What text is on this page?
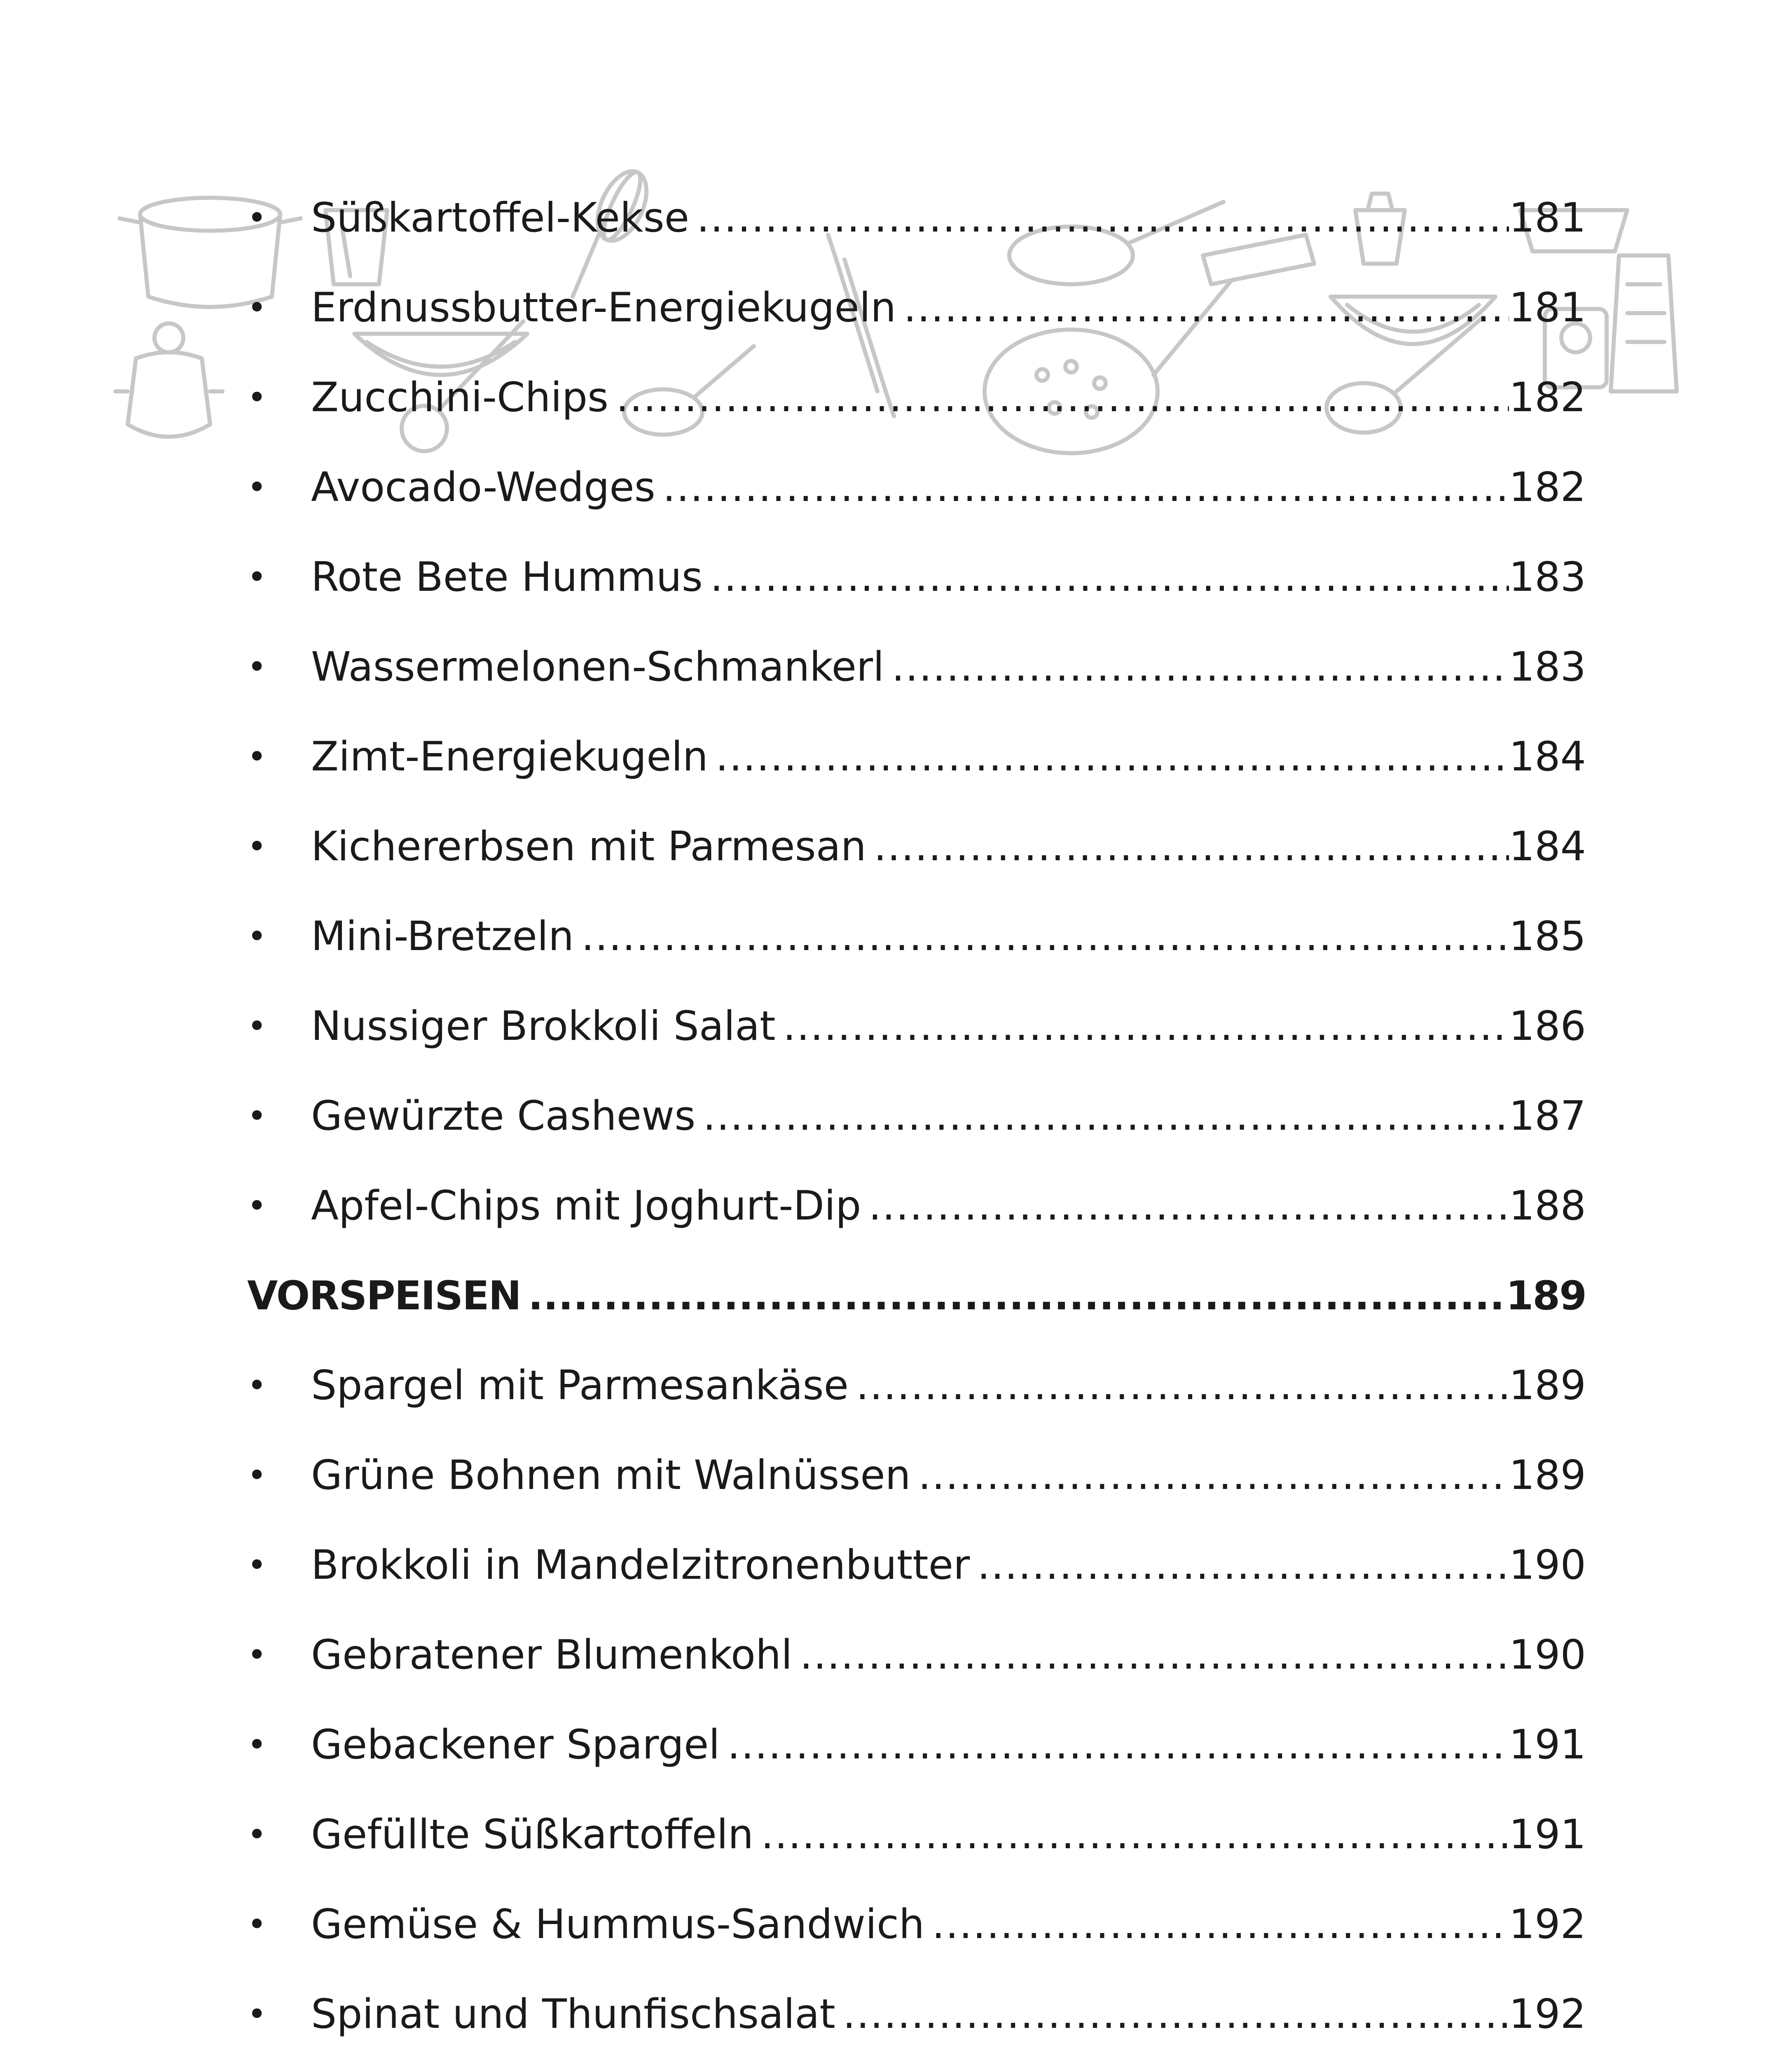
•	Süßkartoffel-Kekse .....	181
•	Erdnussbutter-Energiekugeln .....	181
•	Zucchini-Chips .....	182
•	Avocado-Wedges .....	182
•	Rote Bete Hummus .....	183
•	Wassermelonen-Schmankerl .....	183
•	Zimt-Energiekugeln .....	184
•	Kichererbsen mit Parmesan .....	184
•	Mini-Bretzeln .....	185
•	Nussiger Brokkoli Salat .....	186
•	Gewürzte Cashews .....	187
•	Apfel-Chips mit Joghurt-Dip .....	188
VORSPEISEN .....	189
•	Spargel mit Parmesankäse .....	189
•	Grüne Bohnen mit Walnüssen .....	189
•	Brokkoli in Mandelzitronenbutter .....	190
•	Gebratener Blumenkohl .....	190
•	Gebackener Spargel .....	191
•	Gefüllte Süßkartoffeln .....	191
•	Gemüse & Hummus-Sandwich .....	192
•	Spinat und Thunfischsalat .....	192
